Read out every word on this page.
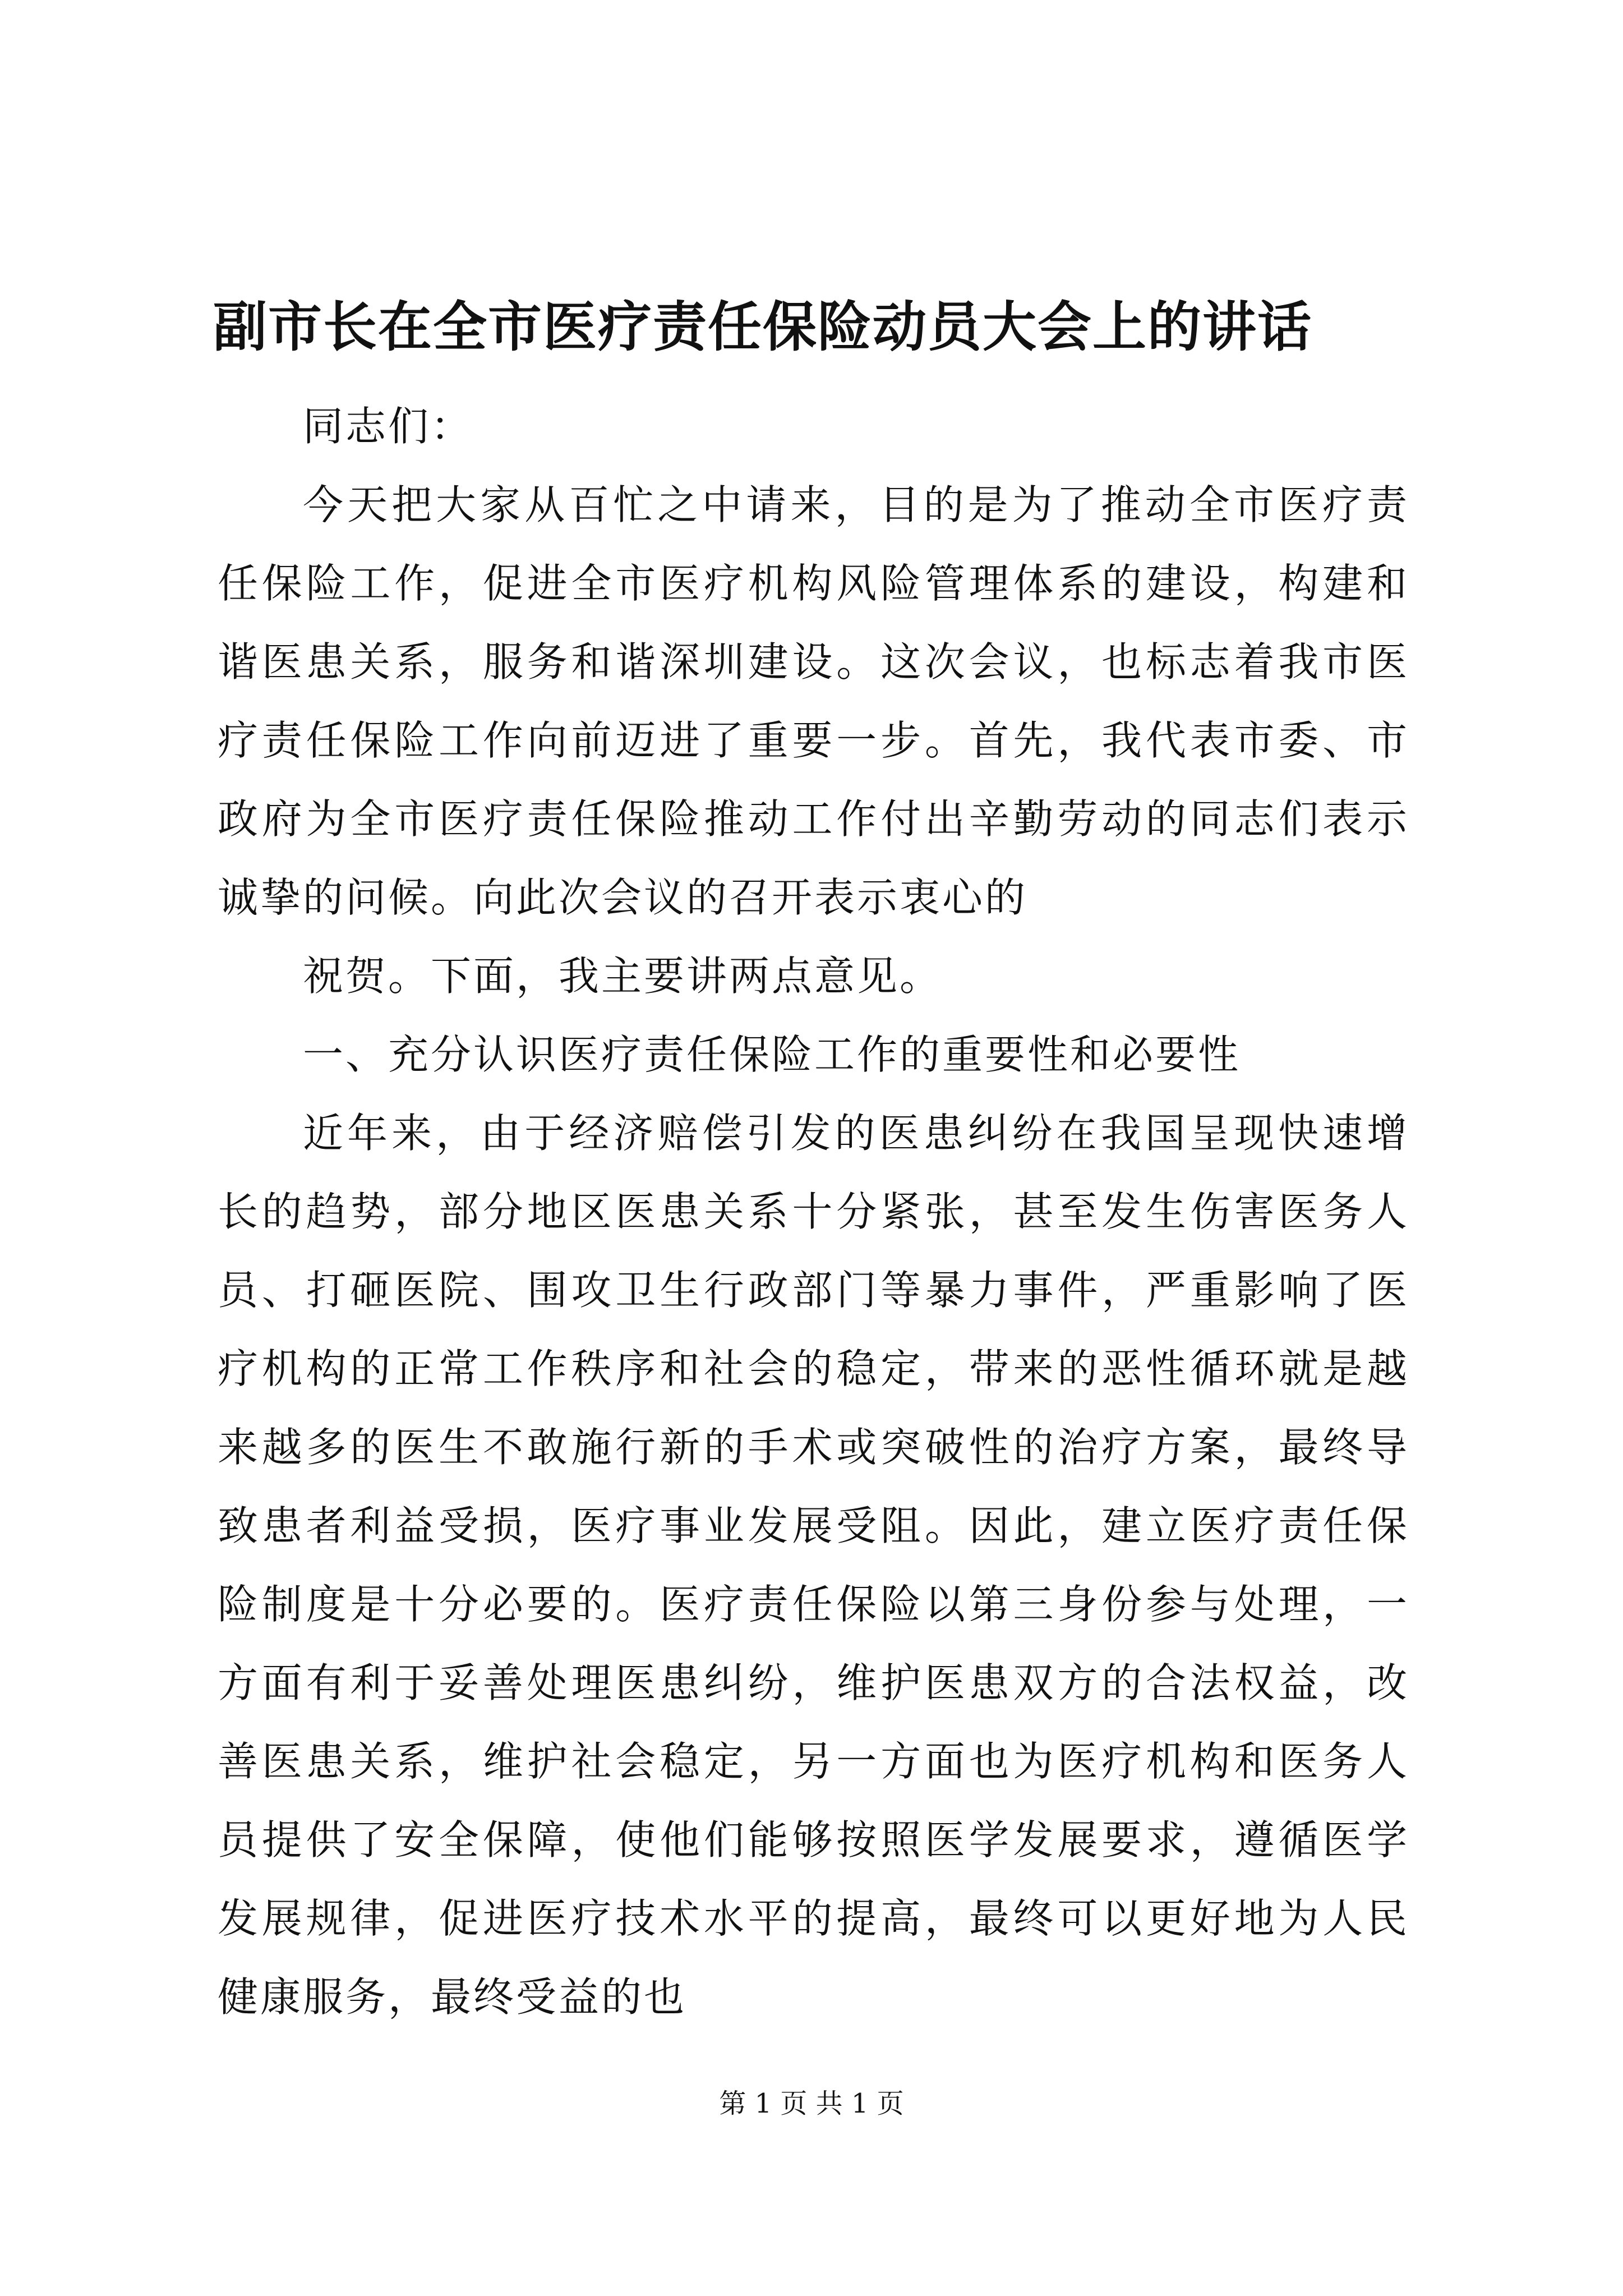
副市长在全市医疗责任保险动员大会上的讲话

同志们：

今天把大家从百忙之中请来，目的是为了推动全市医疗责任保险工作，促进全市医疗机构风险管理体系的建设，构建和谐医患关系，服务和谐深圳建设。这次会议，也标志着我市医疗责任保险工作向前迈进了重要一步。首先，我代表市委、市政府为全市医疗责任保险推动工作付出辛勤劳动的同志们表示诚挚的问候。向此次会议的召开表示衷心的

祝贺。下面，我主要讲两点意见。

一、充分认识医疗责任保险工作的重要性和必要性

近年来，由于经济赔偿引发的医患纠纷在我国呈现快速增长的趋势，部分地区医患关系十分紧张，甚至发生伤害医务人员、打砸医院、围攻卫生行政部门等暴力事件，严重影响了医疗机构的正常工作秩序和社会的稳定，带来的恶性循环就是越来越多的医生不敢施行新的手术或突破性的治疗方案，最终导致患者利益受损，医疗事业发展受阻。因此，建立医疗责任保险制度是十分必要的。医疗责任保险以第三身份参与处理，一方面有利于妥善处理医患纠纷，维护医患双方的合法权益，改善医患关系，维护社会稳定，另一方面也为医疗机构和医务人员提供了安全保障，使他们能够按照医学发展要求，遵循医学发展规律，促进医疗技术水平的提高，最终可以更好地为人民健康服务，最终受益的也

第 1 页 共 1 页
